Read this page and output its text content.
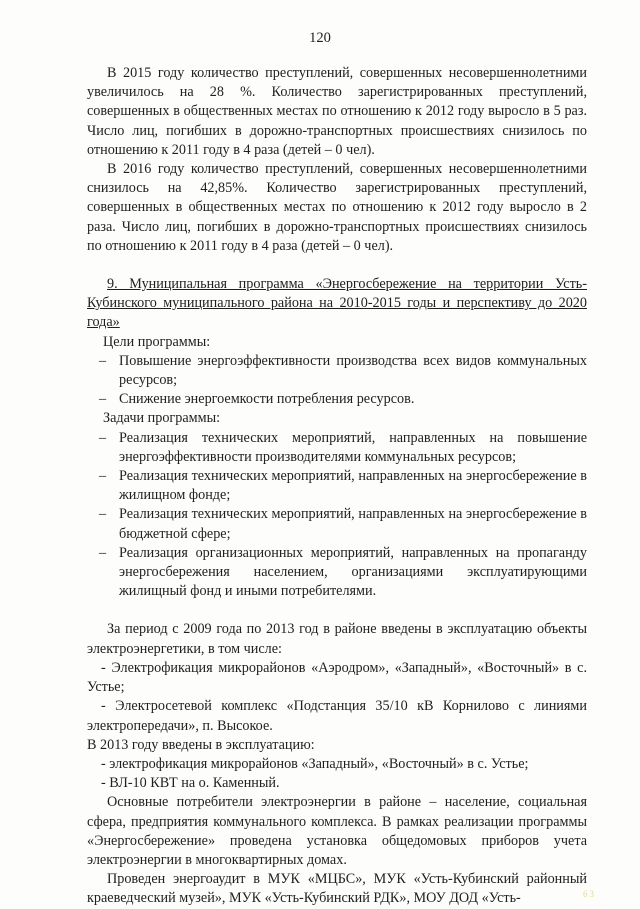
120

В 2015 году количество преступлений, совершенных несовершеннолетними увеличилось на 28 %. Количество зарегистрированных преступлений, совершенных в общественных местах по отношению к 2012 году выросло в 5 раз. Число лиц, погибших в дорожно-транспортных происшествиях снизилось по отношению к 2011 году в 4 раза (детей – 0 чел).

В 2016 году количество преступлений, совершенных несовершеннолетними снизилось на 42,85%. Количество зарегистрированных преступлений, совершенных в общественных местах по отношению к 2012 году выросло в 2 раза. Число лиц, погибших в дорожно-транспортных происшествиях снизилось по отношению к 2011 году в 4 раза (детей – 0 чел).

9. Муниципальная программа «Энергосбережение на территории Усть-Кубинского муниципального района на 2010-2015 годы и перспективу до 2020 года»

Цели программы:

– Повышение энергоэффективности производства всех видов коммунальных ресурсов;
– Снижение энергоемкости потребления ресурсов.

Задачи программы:

– Реализация технических мероприятий, направленных на повышение энергоэффективности производителями коммунальных ресурсов;
– Реализация технических мероприятий, направленных на энергосбережение в жилищном фонде;
– Реализация технических мероприятий, направленных на энергосбережение в бюджетной сфере;
– Реализация организационных мероприятий, направленных на пропаганду энергосбережения населением, организациями эксплуатирующими жилищный фонд и иными потребителями.

За период с 2009 года по 2013 год в районе введены в эксплуатацию объекты электроэнергетики, в том числе:

- Электрофикация микрорайонов «Аэродром», «Западный», «Восточный» в с. Устье;

- Электросетевой комплекс «Подстанция 35/10 кВ Корнилово с линиями электропередачи», п. Высокое.

В 2013 году введены в эксплуатацию:

- электрофикация микрорайонов «Западный», «Восточный» в с. Устье;

- ВЛ-10 КВТ на о. Каменный.

Основные потребители электроэнергии в районе – население, социальная сфера, предприятия коммунального комплекса. В рамках реализации программы «Энергосбережение» проведена установка общедомовых приборов учета электроэнергии в многоквартирных домах.

Проведен энергоаудит в МУК «МЦБС», МУК «Усть-Кубинский районный краеведческий музей», МУК «Усть-Кубинский РДК», МОУ ДОД «Усть-	63
